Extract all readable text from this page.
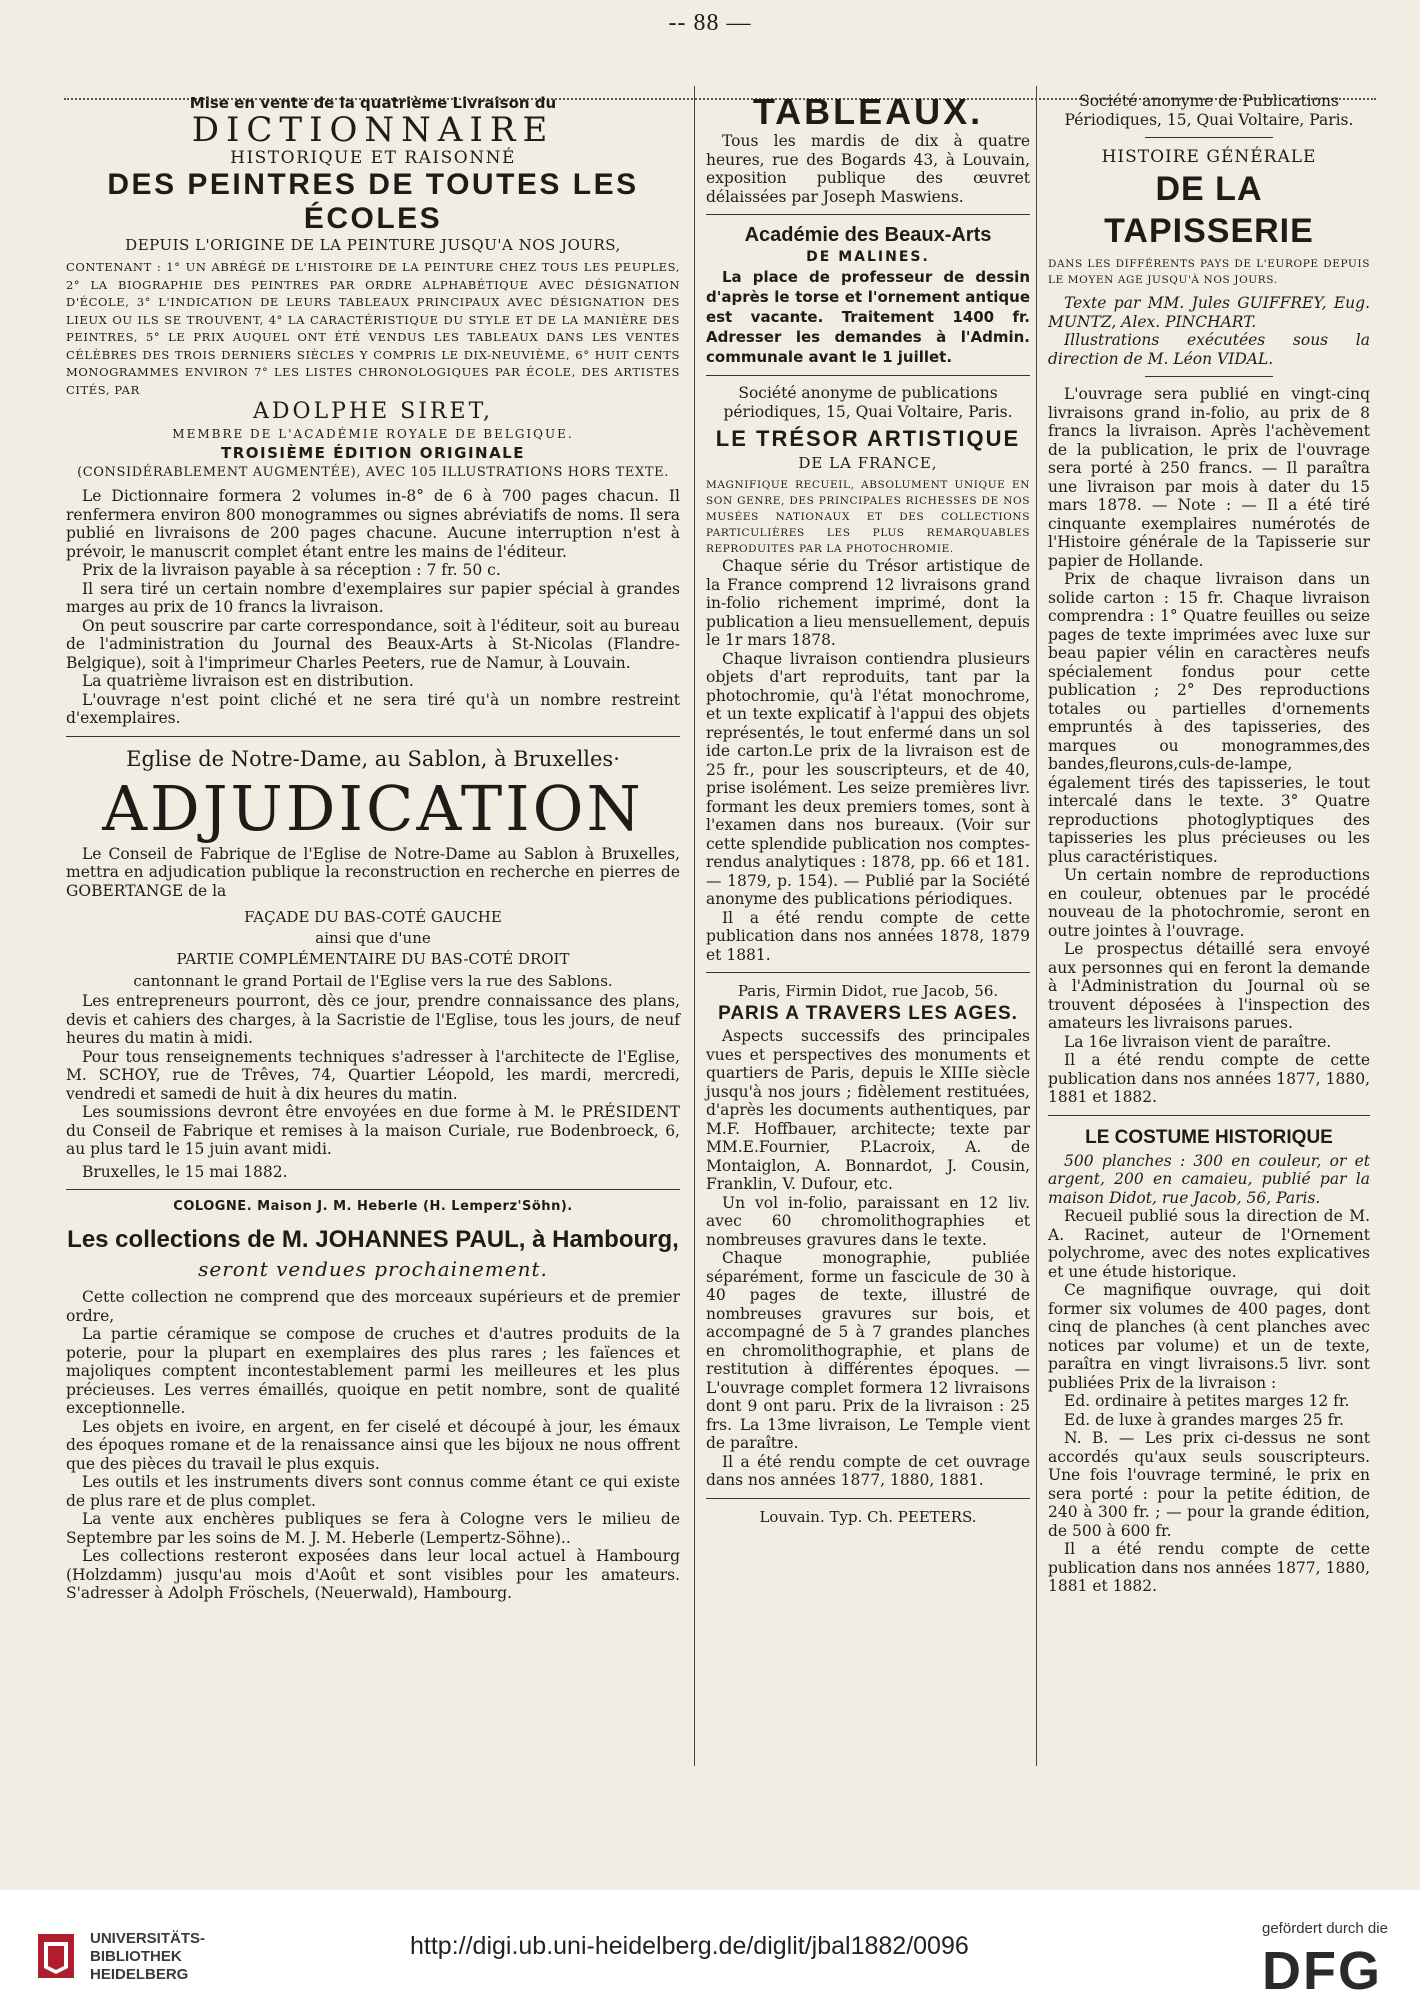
-- 88 —

Mise en vente de la quatrième Livraison du

DICTIONNAIRE

HISTORIQUE ET RAISONNÉ

DES PEINTRES DE TOUTES LES ÉCOLES

DEPUIS L'ORIGINE DE LA PEINTURE JUSQU'A NOS JOURS,

CONTENANT : 1° UN ABRÉGÉ DE L'HISTOIRE DE LA PEINTURE CHEZ TOUS LES PEUPLES, 2° LA BIOGRAPHIE DES PEINTRES PAR ORDRE ALPHABÉTIQUE AVEC DÉSIGNATION D'ÉCOLE, 3° L'INDICATION DE LEURS TABLEAUX PRINCIPAUX AVEC DÉSIGNATION DES LIEUX OU ILS SE TROUVENT, 4° LA CARACTÉRISTIQUE DU STYLE ET DE LA MANIÈRE DES PEINTRES, 5° LE PRIX AUQUEL ONT ÉTÉ VENDUS LES TABLEAUX DANS LES VENTES CÉLÈBRES DES TROIS DERNIERS SIÈCLES Y COMPRIS LE DIX-NEUVIÈME, 6° HUIT CENTS MONOGRAMMES ENVIRON 7° LES LISTES CHRONOLOGIQUES PAR ÉCOLE, DES ARTISTES CITÉS, PAR

ADOLPHE SIRET,

MEMBRE DE L'ACADÉMIE ROYALE DE BELGIQUE.

TROISIÈME ÉDITION ORIGINALE

(CONSIDÉRABLEMENT AUGMENTÉE), AVEC 105 ILLUSTRATIONS HORS TEXTE.

Le Dictionnaire formera 2 volumes in-8° de 6 à 700 pages chacun. Il renfermera environ 800 monogrammes ou signes abréviatifs de noms. Il sera publié en livraisons de 200 pages chacune. Aucune interruption n'est à prévoir, le manuscrit complet étant entre les mains de l'éditeur.

Prix de la livraison payable à sa réception : 7 fr. 50 c.

Il sera tiré un certain nombre d'exemplaires sur papier spécial à grandes marges au prix de 10 francs la livraison.

On peut souscrire par carte correspondance, soit à l'éditeur, soit au bureau de l'administration du Journal des Beaux-Arts à St-Nicolas (Flandre-Belgique), soit à l'imprimeur Charles Peeters, rue de Namur, à Louvain.

La quatrième livraison est en distribution.

L'ouvrage n'est point cliché et ne sera tiré qu'à un nombre restreint d'exemplaires.

Eglise de Notre-Dame, au Sablon, à Bruxelles·

ADJUDICATION

Le Conseil de Fabrique de l'Eglise de Notre-Dame au Sablon à Bruxelles, mettra en adjudication publique la reconstruction en recherche en pierres de GOBERTANGE de la

FAÇADE DU BAS-COTÉ GAUCHE

ainsi que d'une

PARTIE COMPLÉMENTAIRE DU BAS-COTÉ DROIT

cantonnant le grand Portail de l'Eglise vers la rue des Sablons.

Les entrepreneurs pourront, dès ce jour, prendre connaissance des plans, devis et cahiers des charges, à la Sacristie de l'Eglise, tous les jours, de neuf heures du matin à midi.

Pour tous renseignements techniques s'adresser à l'architecte de l'Eglise, M. SCHOY, rue de Trêves, 74, Quartier Léopold, les mardi, mercredi, vendredi et samedi de huit à dix heures du matin.

Les soumissions devront être envoyées en due forme à M. le PRÉSIDENT du Conseil de Fabrique et remises à la maison Curiale, rue Bodenbroeck, 6, au plus tard le 15 juin avant midi.

Bruxelles, le 15 mai 1882.

COLOGNE. Maison J. M. Heberle (H. Lemperz'Söhn).

Les collections de M. JOHANNES PAUL, à Hambourg,

seront vendues prochainement.

Cette collection ne comprend que des morceaux supérieurs et de premier ordre,

La partie céramique se compose de cruches et d'autres produits de la poterie, pour la plupart en exemplaires des plus rares ; les faïences et majoliques comptent incontestablement parmi les meilleures et les plus précieuses. Les verres émaillés, quoique en petit nombre, sont de qualité exceptionnelle.

Les objets en ivoire, en argent, en fer ciselé et découpé à jour, les émaux des époques romane et de la renaissance ainsi que les bijoux ne nous offrent que des pièces du travail le plus exquis.

Les outils et les instruments divers sont connus comme étant ce qui existe de plus rare et de plus complet.

La vente aux enchères publiques se fera à Cologne vers le milieu de Septembre par les soins de M. J. M. Heberle (Lempertz-Söhne)..

Les collections resteront exposées dans leur local actuel à Hambourg (Holzdamm) jusqu'au mois d'Août et sont visibles pour les amateurs. S'adresser à Adolph Fröschels, (Neuerwald), Hambourg.

TABLEAUX.

Tous les mardis de dix à quatre heures, rue des Bogards 43, à Louvain, exposition publique des œuvret délaissées par Joseph Maswiens.

Académie des Beaux-Arts

DE MALINES.

La place de professeur de dessin d'après le torse et l'ornement antique est vacante. Traitement 1400 fr. Adresser les demandes à l'Admin. communale avant le 1 juillet.

Société anonyme de publications périodiques, 15, Quai Voltaire, Paris.

LE TRÉSOR ARTISTIQUE

DE LA FRANCE,

MAGNIFIQUE RECUEIL, ABSOLUMENT UNIQUE EN SON GENRE, DES PRINCIPALES RICHESSES DE NOS MUSÉES NATIONAUX ET DES COLLECTIONS PARTICULIÈRES LES PLUS REMARQUABLES REPRODUITES PAR LA PHOTOCHROMIE.

Chaque série du Trésor artistique de la France comprend 12 livraisons grand in-folio richement imprimé, dont la publication a lieu mensuellement, depuis le 1r mars 1878.

Chaque livraison contiendra plusieurs objets d'art reproduits, tant par la photochromie, qu'à l'état monochrome, et un texte explicatif à l'appui des objets représentés, le tout enfermé dans un sol ide carton.Le prix de la livraison est de 25 fr., pour les souscripteurs, et de 40, prise isolément. Les seize premières livr. formant les deux premiers tomes, sont à l'examen dans nos bureaux. (Voir sur cette splendide publication nos comptes-rendus analytiques : 1878, pp. 66 et 181. — 1879, p. 154). — Publié par la Société anonyme des publications périodiques.

Il a été rendu compte de cette publication dans nos années 1878, 1879 et 1881.

Paris, Firmin Didot, rue Jacob, 56.

PARIS A TRAVERS LES AGES.

Aspects successifs des principales vues et perspectives des monuments et quartiers de Paris, depuis le XIIIe siècle jusqu'à nos jours ; fidèlement restituées, d'après les documents authentiques, par M.F. Hoffbauer, architecte; texte par MM.E.Fournier, P.Lacroix, A. de Montaiglon, A. Bonnardot, J. Cousin, Franklin, V. Dufour, etc.

Un vol in-folio, paraissant en 12 liv. avec 60 chromolithographies et nombreuses gravures dans le texte.

Chaque monographie, publiée séparément, forme un fascicule de 30 à 40 pages de texte, illustré de nombreuses gravures sur bois, et accompagné de 5 à 7 grandes planches en chromolithographie, et plans de restitution à différentes époques. — L'ouvrage complet formera 12 livraisons dont 9 ont paru. Prix de la livraison : 25 frs. La 13me livraison, Le Temple vient de paraître.

Il a été rendu compte de cet ouvrage dans nos années 1877, 1880, 1881.

Louvain. Typ. Ch. PEETERS.

Société anonyme de Publications Périodiques, 15, Quai Voltaire, Paris.

HISTOIRE GÉNÉRALE

DE LA TAPISSERIE

DANS LES DIFFÉRENTS PAYS DE L'EUROPE DEPUIS LE MOYEN AGE JUSQU'À NOS JOURS.

Texte par MM. Jules GUIFFREY, Eug. MUNTZ, Alex. PINCHART.

Illustrations exécutées sous la direction de M. Léon VIDAL.

L'ouvrage sera publié en vingt-cinq livraisons grand in-folio, au prix de 8 francs la livraison. Après l'achèvement de la publication, le prix de l'ouvrage sera porté à 250 francs. — Il paraîtra une livraison par mois à dater du 15 mars 1878. — Note : — Il a été tiré cinquante exemplaires numérotés de l'Histoire générale de la Tapisserie sur papier de Hollande.

Prix de chaque livraison dans un solide carton : 15 fr. Chaque livraison comprendra : 1° Quatre feuilles ou seize pages de texte imprimées avec luxe sur beau papier vélin en caractères neufs spécialement fondus pour cette publication ; 2° Des reproductions totales ou partielles d'ornements empruntés à des tapisseries, des marques ou monogrammes,des bandes,fleurons,culs-de-lampe, également tirés des tapisseries, le tout intercalé dans le texte. 3° Quatre reproductions photoglyptiques des tapisseries les plus précieuses ou les plus caractéristiques.

Un certain nombre de reproductions en couleur, obtenues par le procédé nouveau de la photochromie, seront en outre jointes à l'ouvrage.

Le prospectus détaillé sera envoyé aux personnes qui en feront la demande à l'Administration du Journal où se trouvent déposées à l'inspection des amateurs les livraisons parues.

La 16e livraison vient de paraître.

Il a été rendu compte de cette publication dans nos années 1877, 1880, 1881 et 1882.

LE COSTUME HISTORIQUE

500 planches : 300 en couleur, or et argent, 200 en camaieu, publié par la maison Didot, rue Jacob, 56, Paris.

Recueil publié sous la direction de M. A. Racinet, auteur de l'Ornement polychrome, avec des notes explicatives et une étude historique.

Ce magnifique ouvrage, qui doit former six volumes de 400 pages, dont cinq de planches (à cent planches avec notices par volume) et un de texte, paraîtra en vingt livraisons.5 livr. sont publiées Prix de la livraison :

Ed. ordinaire à petites marges 12 fr.

Ed. de luxe à grandes marges 25 fr.

N. B. — Les prix ci-dessus ne sont accordés qu'aux seuls souscripteurs. Une fois l'ouvrage terminé, le prix en sera porté : pour la petite édition, de 240 à 300 fr. ; — pour la grande édition, de 500 à 600 fr.

Il a été rendu compte de cette publication dans nos années 1877, 1880, 1881 et 1882.

UNIVERSITÄTS-
BIBLIOTHEK
HEIDELBERG
http://digi.ub.uni-heidelberg.de/diglit/jbal1882/0096
gefördert durch die
DFG
